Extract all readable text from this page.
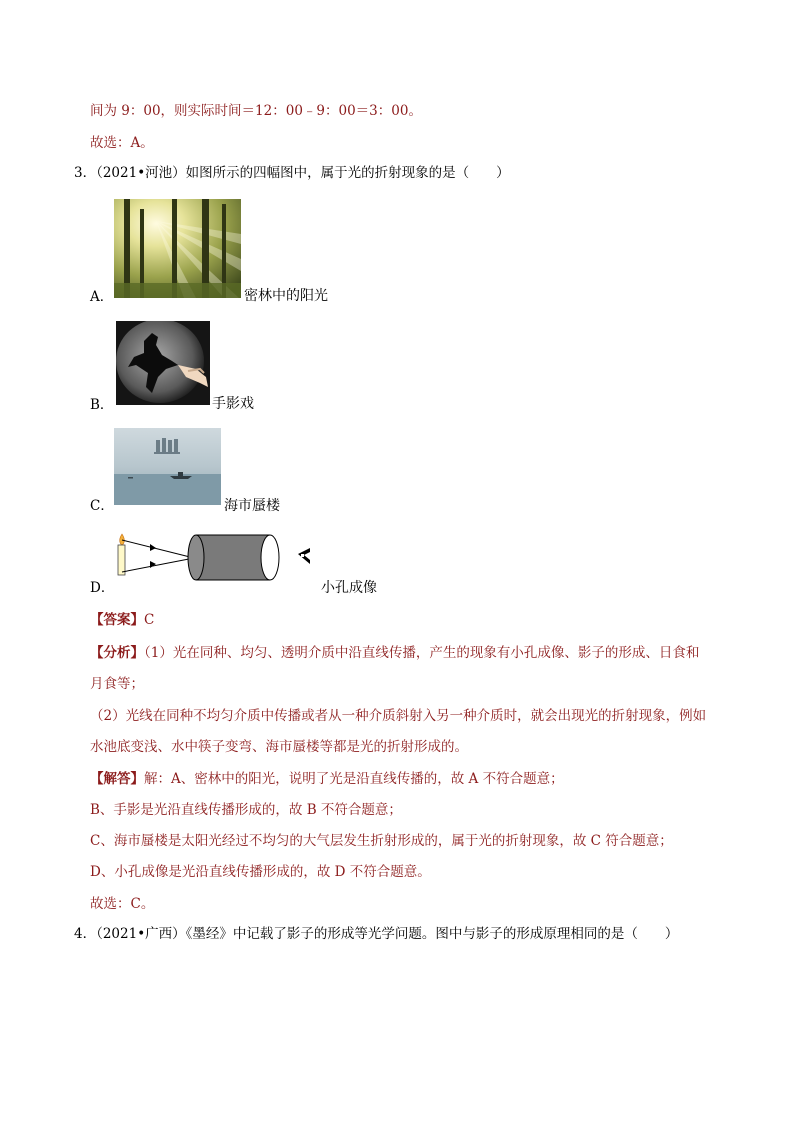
间为 9：00，则实际时间＝12：00﹣9：00＝3：00。
故选：A。
3．（2021•河池）如图所示的四幅图中，属于光的折射现象的是（　　）
A．	密林中的阳光
B．	手影戏
C．	海市蜃楼
D．	小孔成像
【答案】C
【分析】（1）光在同种、均匀、透明介质中沿直线传播，产生的现象有小孔成像、影子的形成、日食和
月食等；
（2）光线在同种不均匀介质中传播或者从一种介质斜射入另一种介质时，就会出现光的折射现象，例如
水池底变浅、水中筷子变弯、海市蜃楼等都是光的折射形成的。
【解答】解：A、密林中的阳光，说明了光是沿直线传播的，故 A 不符合题意；
B、手影是光沿直线传播形成的，故 B 不符合题意；
C、海市蜃楼是太阳光经过不均匀的大气层发生折射形成的，属于光的折射现象，故 C 符合题意；
D、小孔成像是光沿直线传播形成的，故 D 不符合题意。
故选：C。
4．（2021•广西）《墨经》中记载了影子的形成等光学问题。图中与影子的形成原理相同的是（　　）
